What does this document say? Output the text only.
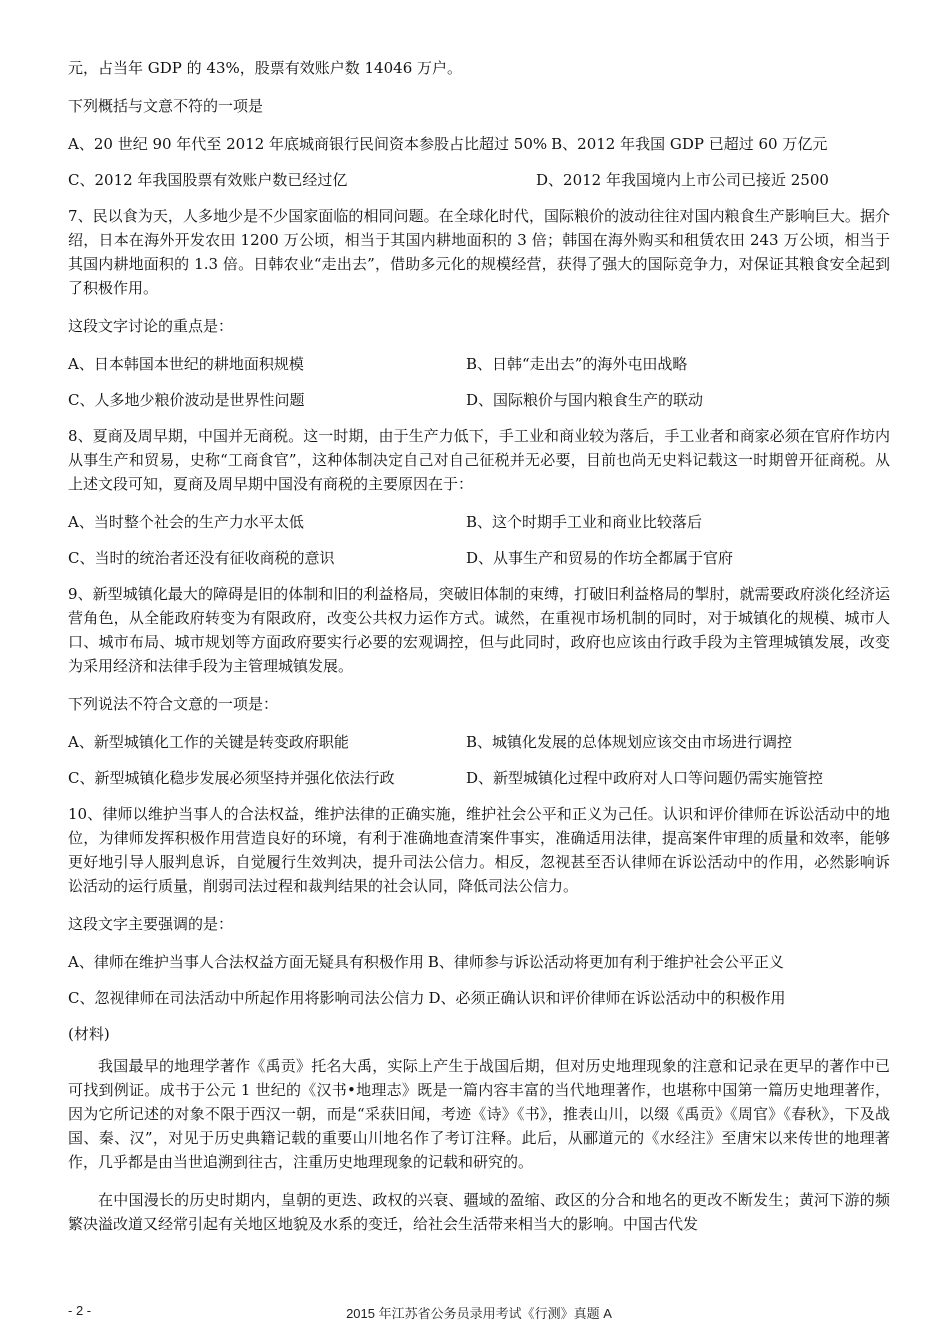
元，占当年 GDP 的 43%，股票有效账户数 14046 万户。

下列概括与文意不符的一项是

A、20 世纪 90 年代至 2012 年底城商银行民间资本参股占比超过 50% B、2012 年我国 GDP 已超过 60 万亿元
C、2012 年我国股票有效账户数已经过亿	D、2012 年我国境内上市公司已接近 2500

7、民以食为天，人多地少是不少国家面临的相同问题。在全球化时代，国际粮价的波动往往对国内粮食生产影响巨大。据介绍，日本在海外开发农田 1200 万公顷，相当于其国内耕地面积的 3 倍；韩国在海外购买和租赁农田 243 万公顷，相当于其国内耕地面积的 1.3 倍。日韩农业“走出去”，借助多元化的规模经营，获得了强大的国际竞争力，对保证其粮食安全起到了积极作用。

这段文字讨论的重点是：

A、日本韩国本世纪的耕地面积规模	B、日韩“走出去”的海外屯田战略
C、人多地少粮价波动是世界性问题	D、国际粮价与国内粮食生产的联动

8、夏商及周早期，中国并无商税。这一时期，由于生产力低下，手工业和商业较为落后，手工业者和商家必须在官府作坊内从事生产和贸易，史称“工商食官”，这种体制决定自己对自己征税并无必要，目前也尚无史料记载这一时期曾开征商税。从上述文段可知，夏商及周早期中国没有商税的主要原因在于：

A、当时整个社会的生产力水平太低	B、这个时期手工业和商业比较落后
C、当时的统治者还没有征收商税的意识	D、从事生产和贸易的作坊全都属于官府

9、新型城镇化最大的障碍是旧的体制和旧的利益格局，突破旧体制的束缚，打破旧利益格局的掣肘，就需要政府淡化经济运营角色，从全能政府转变为有限政府，改变公共权力运作方式。诚然，在重视市场机制的同时，对于城镇化的规模、城市人口、城市布局、城市规划等方面政府要实行必要的宏观调控，但与此同时，政府也应该由行政手段为主管理城镇发展，改变为采用经济和法律手段为主管理城镇发展。

下列说法不符合文意的一项是：

A、新型城镇化工作的关键是转变政府职能	B、城镇化发展的总体规划应该交由市场进行调控
C、新型城镇化稳步发展必须坚持并强化依法行政	D、新型城镇化过程中政府对人口等问题仍需实施管控

10、律师以维护当事人的合法权益，维护法律的正确实施，维护社会公平和正义为己任。认识和评价律师在诉讼活动中的地位，为律师发挥积极作用营造良好的环境，有利于准确地查清案件事实，准确适用法律，提高案件审理的质量和效率，能够更好地引导人服判息诉，自觉履行生效判决，提升司法公信力。相反，忽视甚至否认律师在诉讼活动中的作用，必然影响诉讼活动的运行质量，削弱司法过程和裁判结果的社会认同，降低司法公信力。

这段文字主要强调的是：

A、律师在维护当事人合法权益方面无疑具有积极作用 B、律师参与诉讼活动将更加有利于维护社会公平正义
C、忽视律师在司法活动中所起作用将影响司法公信力 D、必须正确认识和评价律师在诉讼活动中的积极作用

(材料)

我国最早的地理学著作《禹贡》托名大禹，实际上产生于战国后期，但对历史地理现象的注意和记录在更早的著作中已可找到例证。成书于公元 1 世纪的《汉书•地理志》既是一篇内容丰富的当代地理著作，也堪称中国第一篇历史地理著作，因为它所记述的对象不限于西汉一朝，而是“采获旧闻，考迹《诗》《书》，推表山川，以缀《禹贡》《周官》《春秋》，下及战国、秦、汉”，对见于历史典籍记载的重要山川地名作了考订注释。此后，从郦道元的《水经注》至唐宋以来传世的地理著作，几乎都是由当世追溯到往古，注重历史地理现象的记载和研究的。

在中国漫长的历史时期内，皇朝的更迭、政权的兴衰、疆域的盈缩、政区的分合和地名的更改不断发生；黄河下游的频繁决溢改道又经常引起有关地区地貌及水系的变迁，给社会生活带来相当大的影响。中国古代发

- 2 -	2015 年江苏省公务员录用考试《行测》真题 A
